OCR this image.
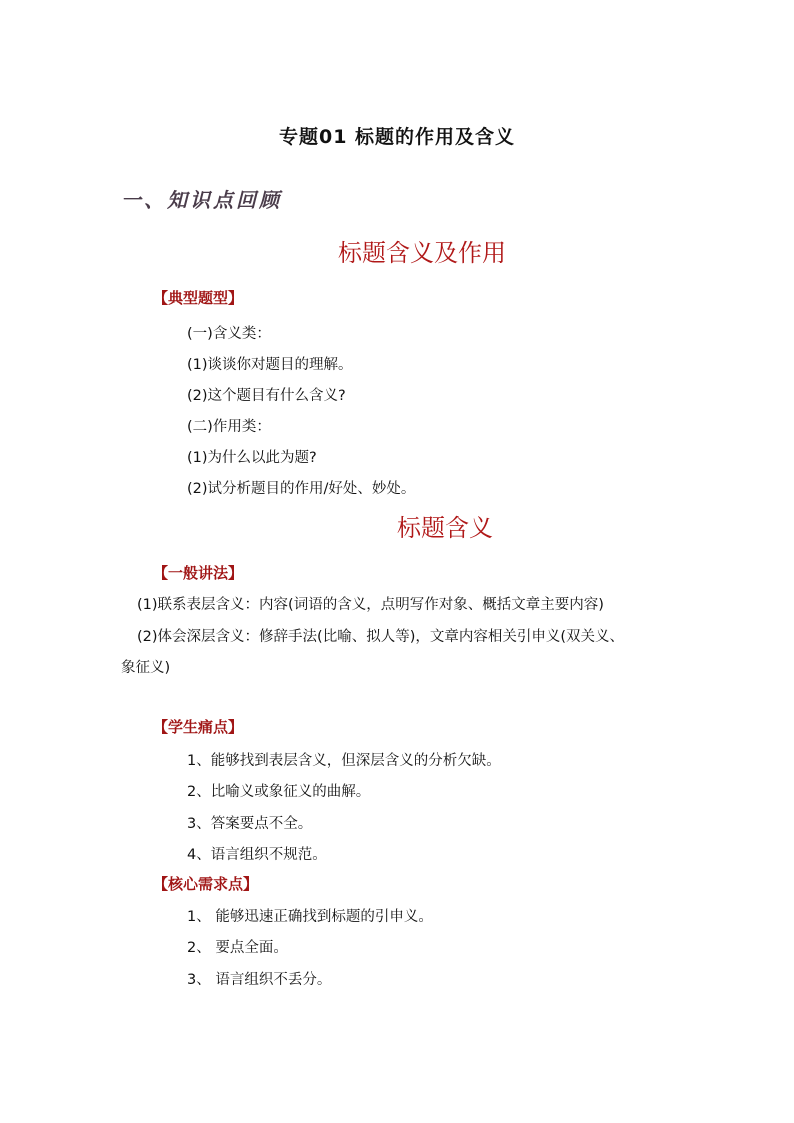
专题01 标题的作用及含义
一、知识点回顾
标题含义及作用
【典型题型】
(一)含义类：
(1)谈谈你对题目的理解。
(2)这个题目有什么含义?
(二)作用类：
(1)为什么以此为题?
(2)试分析题目的作用/好处、妙处。
标题含义
【一般讲法】
(1)联系表层含义：内容(词语的含义，点明写作对象、概括文章主要内容)
(2)体会深层含义：修辞手法(比喻、拟人等)，文章内容相关引申义(双关义、
象征义)
【学生痛点】
1、能够找到表层含义，但深层含义的分析欠缺。
2、比喻义或象征义的曲解。
3、答案要点不全。
4、语言组织不规范。
【核心需求点】
1、 能够迅速正确找到标题的引申义。
2、 要点全面。
3、 语言组织不丢分。
